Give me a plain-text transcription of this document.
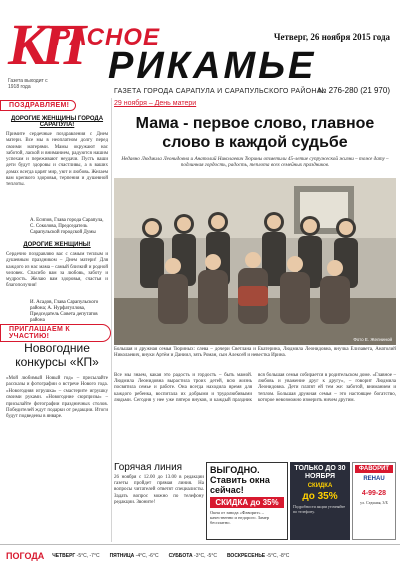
КП
РАСНОЕ
РИКАМЬЕ
Четверг, 26 ноября 2015 года
Газета выходит с 1918 года
ГАЗЕТА ГОРОДА САРАПУЛА И САРАПУЛЬСКОГО РАЙОНА
№ 276-280 (21 970)
ПОЗДРАВЛЯЕМ!
ДОРОГИЕ ЖЕНЩИНЫ ГОРОДА САРАПУЛА!
Примите сердечные поздравления с Днем матери. Все мы в неоплатном долгу перед своими матерями. Мамы окружают нас заботой, лаской и вниманием, радуются нашим успехам и переживают неудачи. Пусть ваши дети будут здоровы и счастливы, а в ваших домах всегда царят мир, уют и любовь. Желаем вам крепкого здоровья, терпения и душевной теплоты.
А. Есипов, Глава города Сарапула, С. Соколова, Председатель Сарапульской городской Думы
ДОРОГИЕ ЖЕНЩИНЫ!
Сердечно поздравляю вас с самым теплым и душевным праздником – Днем матери! Для каждого из нас мама – самый близкий и родной человек. Спасибо вам за любовь, заботу и мудрость. Желаю вам здоровья, счастья и благополучия!
И. Асадов, Глава Сарапульского района; А. Нурфатуллова, Председатель Совета депутатов района
ПРИГЛАШАЕМ К УЧАСТИЮ!
Новогодние конкурсы «КП»
«Мой любимый Новый год» – присылайте рассказы и фотографии о встрече Нового года. «Новогодняя игрушка» – смастерите игрушку своими руками. «Новогодние сюрпризы» – присылайте фотографии праздничных столов. Победителей ждут подарки от редакции. Итоги будут подведены в январе.
29 ноября – День матери
Мама - первое слово, главное слово в каждой судьбе
Недавно Людмила Леонидовна и Анатолий Николаевич Тюрины отметили 45-летие супружеской жизни – тоже дату – подлинная гордость, радость, теплота всех семейных праздников.
Фото Е. Желниной
Большая и дружная семья Тюриных: слева – дочери Светлана и Екатерина, Людмила Леонидовна, внучка Елизавета, Анатолий Николаевич, внуки Артём и Даниил, зять Роман, сын Алексей и невестка Ирина.
Все мы знаем, какая это радость и гордость – быть мамой. Людмила Леонидовна вырастила троих детей, всю жизнь посвятила семье и работе. Она всегда находила время для каждого ребенка, воспитала их добрыми и трудолюбивыми людьми. Сегодня у нее уже пятеро внуков, и каждый праздник вся большая семья собирается в родительском доме. «Главное – любовь и уважение друг к другу», – говорит Людмила Леонидовна. Дети платят ей тем же: заботой, вниманием и теплом. Большая дружная семья – это настоящее богатство, которое невозможно измерить ничем другим.
Горячая линия
26 ноября с 12.00 до 13.00 в редакции газеты пройдет прямая линия. На вопросы читателей ответят специалисты. Задать вопрос можно по телефону редакции. Звоните!
ВЫГОДНО. Ставить окна сейчас!
СКИДКА до 35%
Окна от завода «Фаворит» – качественно и недорого. Замер бесплатно.
ТОЛЬКО ДО 30 НОЯБРЯ
СКИДКА
до 35%
Подробности акции уточняйте по телефону.
ФАВОРИТ
REHAU
4-99-28
ул. Седьмая, 3/Б
ПОГОДА ЧЕТВЕРГ -5°С, -7°С ПЯТНИЦА -4°С, -6°С СУББОТА -3°С, -5°С ВОСКРЕСЕНЬЕ -5°С, -8°С
